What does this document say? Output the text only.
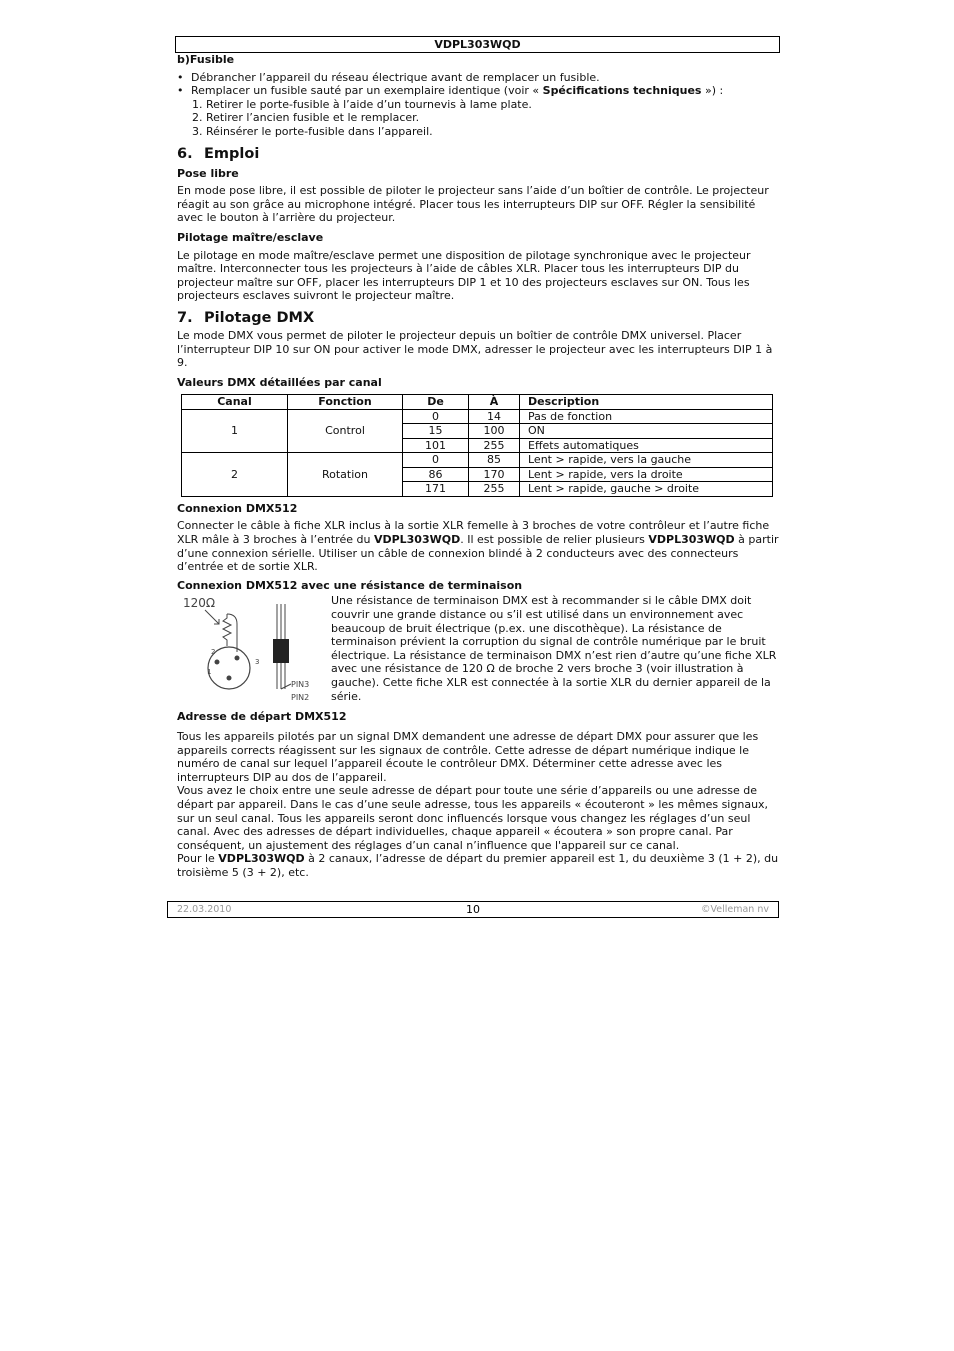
VDPL303WQD

b)Fusible

• Débrancher l’appareil du réseau électrique avant de remplacer un fusible.
• Remplacer un fusible sauté par un exemplaire identique (voir « Spécifications techniques ») :
1. Retirer le porte-fusible à l’aide d’un tournevis à lame plate.
2. Retirer l’ancien fusible et le remplacer.
3. Réinsérer le porte-fusible dans l’appareil.
6. Emploi

Pose libre

En mode pose libre, il est possible de piloter le projecteur sans l’aide d’un boîtier de contrôle. Le projecteur réagit au son grâce au microphone intégré. Placer tous les interrupteurs DIP sur OFF. Régler la sensibilité avec le bouton à l’arrière du projecteur.

Pilotage maître/esclave

Le pilotage en mode maître/esclave permet une disposition de pilotage synchronique avec le projecteur maître. Interconnecter tous les projecteurs à l’aide de câbles XLR. Placer tous les interrupteurs DIP du projecteur maître sur OFF, placer les interrupteurs DIP 1 et 10 des projecteurs esclaves sur ON. Tous les projecteurs esclaves suivront le projecteur maître.

7. Pilotage DMX

Le mode DMX vous permet de piloter le projecteur depuis un boîtier de contrôle DMX universel. Placer l’interrupteur DIP 10 sur ON pour activer le mode DMX, adresser le projecteur avec les interrupteurs DIP 1 à 9.

Valeurs DMX détaillées par canal

Canal	Fonction	De	À	Description
1	Control	0	14	Pas de fonction
		15	100	ON
		101	255	Effets automatiques
2	Rotation	0	85	Lent > rapide, vers la gauche
		86	170	Lent > rapide, vers la droite
		171	255	Lent > rapide, gauche > droite

Connexion DMX512

Connecter le câble à fiche XLR inclus à la sortie XLR femelle à 3 broches de votre contrôleur et l’autre fiche XLR mâle à 3 broches à l’entrée du VDPL303WQD. Il est possible de relier plusieurs VDPL303WQD à partir d’une connexion sérielle. Utiliser un câble de connexion blindé à 2 conducteurs avec des connecteurs d’entrée et de sortie XLR.

Connexion DMX512 avec une résistance de terminaison

120Ω
1
2
3
PIN3
PIN2

Une résistance de terminaison DMX est à recommander si le câble DMX doit couvrir une grande distance ou s’il est utilisé dans un environnement avec beaucoup de bruit électrique (p.ex. une discothèque). La résistance de terminaison prévient la corruption du signal de contrôle numérique par le bruit électrique. La résistance de terminaison DMX n’est rien d’autre qu’une fiche XLR avec une résistance de 120 Ω de broche 2 vers broche 3 (voir illustration à gauche). Cette fiche XLR est connectée à la sortie XLR du dernier appareil de la série.

Adresse de départ DMX512

Tous les appareils pilotés par un signal DMX demandent une adresse de départ DMX pour assurer que les appareils corrects réagissent sur les signaux de contrôle. Cette adresse de départ numérique indique le numéro de canal sur lequel l’appareil écoute le contrôleur DMX. Déterminer cette adresse avec les interrupteurs DIP au dos de l’appareil.

Vous avez le choix entre une seule adresse de départ pour toute une série d’appareils ou une adresse de départ par appareil. Dans le cas d’une seule adresse, tous les appareils « écouteront » les mêmes signaux, sur un seul canal. Tous les appareils seront donc influencés lorsque vous changez les réglages d’un seul canal. Avec des adresses de départ individuelles, chaque appareil « écoutera » son propre canal. Par conséquent, un ajustement des réglages d’un canal n’influence que l'appareil sur ce canal.

Pour le VDPL303WQD à 2 canaux, l’adresse de départ du premier appareil est 1, du deuxième 3 (1 + 2), du troisième 5 (3 + 2), etc.

22.03.2010	10	©Velleman nv
